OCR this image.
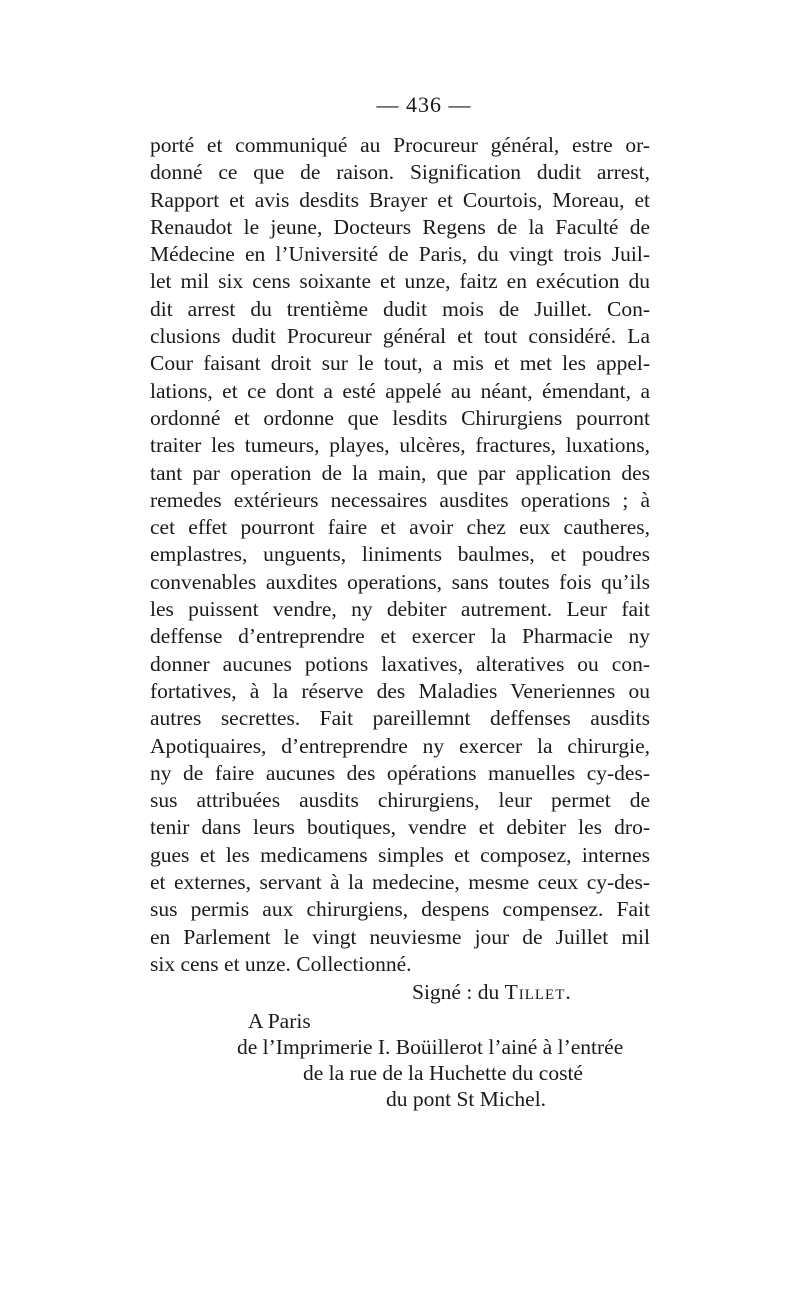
— 436 —
porté et communiqué au Procureur général, estre or-
donné ce que de raison. Signification dudit arrest,
Rapport et avis desdits Brayer et Courtois, Moreau, et
Renaudot le jeune, Docteurs Regens de la Faculté de
Médecine en l’Université de Paris, du vingt trois Juil-
let mil six cens soixante et unze, faitz en exécution du
dit arrest du trentième dudit mois de Juillet. Con-
clusions dudit Procureur général et tout considéré. La
Cour faisant droit sur le tout, a mis et met les appel-
lations, et ce dont a esté appelé au néant, émendant, a
ordonné et ordonne que lesdits Chirurgiens pourront
traiter les tumeurs, playes, ulcères, fractures, luxations,
tant par operation de la main, que par application des
remedes extérieurs necessaires ausdites operations ; à
cet effet pourront faire et avoir chez eux cautheres,
emplastres, unguents, liniments baulmes, et poudres
convenables auxdites operations, sans toutes fois qu’ils
les puissent vendre, ny debiter autrement. Leur fait
deffense d’entreprendre et exercer la Pharmacie ny
donner aucunes potions laxatives, alteratives ou con-
fortatives, à la réserve des Maladies Veneriennes ou
autres secrettes. Fait pareillemnt deffenses ausdits
Apotiquaires, d’entreprendre ny exercer la chirurgie,
ny de faire aucunes des opérations manuelles cy-des-
sus attribuées ausdits chirurgiens, leur permet de
tenir dans leurs boutiques, vendre et debiter les dro-
gues et les medicamens simples et composez, internes
et externes, servant à la medecine, mesme ceux cy-des-
sus permis aux chirurgiens, despens compensez. Fait
en Parlement le vingt neuviesme jour de Juillet mil
six cens et unze. Collectionné.
Signé : du Tillet.
A Paris
de l’Imprimerie I. Boüillerot l’ainé à l’entrée
de la rue de la Huchette du costé
du pont St Michel.
